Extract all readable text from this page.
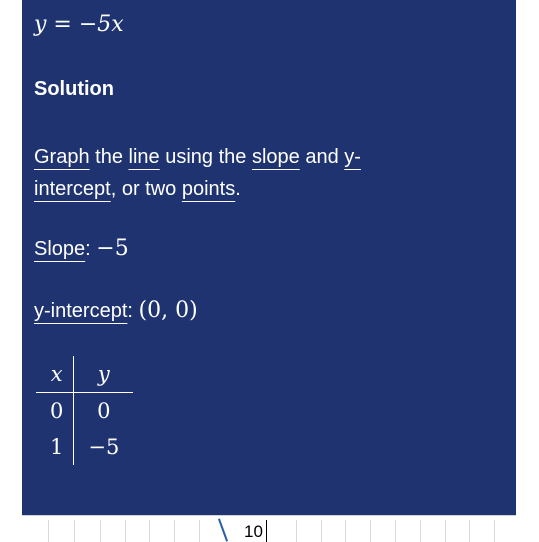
y = −5x
Solution
Graph the line using the slope and y-
intercept, or two points.
Slope: −5
y-intercept: (0, 0)
x	y
0	0
1	−5
10
